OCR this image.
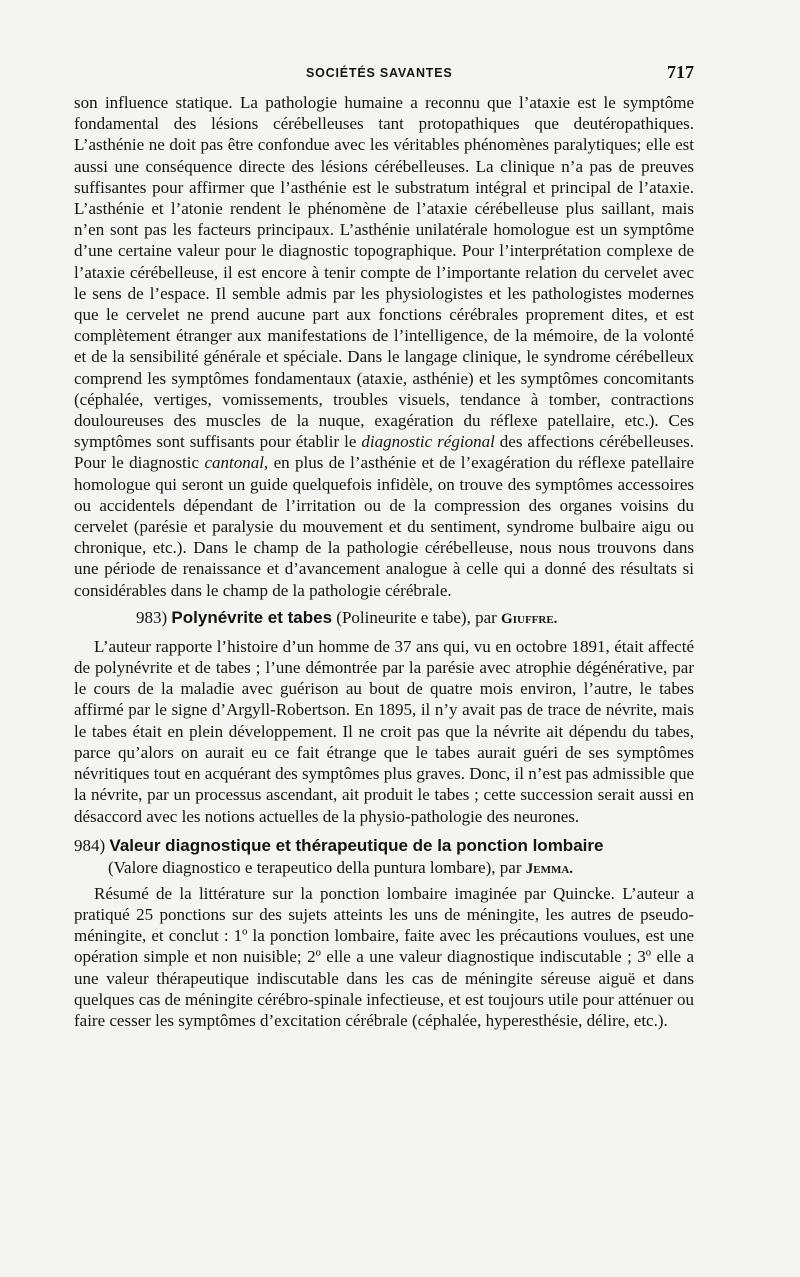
SOCIÉTÉS SAVANTES	717

son influence statique. La pathologie humaine a reconnu que l’ataxie est le symptôme fondamental des lésions cérébelleuses tant protopathiques que deutéropathiques. L’asthénie ne doit pas être confondue avec les véritables phénomènes paralytiques; elle est aussi une conséquence directe des lésions cérébelleuses. La clinique n’a pas de preuves suffisantes pour affirmer que l’asthénie est le substratum intégral et principal de l’ataxie. L’asthénie et l’atonie rendent le phénomène de l’ataxie cérébelleuse plus saillant, mais n’en sont pas les facteurs principaux. L’asthénie unilatérale homologue est un symptôme d’une certaine valeur pour le diagnostic topographique. Pour l’interprétation complexe de l’ataxie cérébelleuse, il est encore à tenir compte de l’importante relation du cervelet avec le sens de l’espace. Il semble admis par les physiologistes et les pathologistes modernes que le cervelet ne prend aucune part aux fonctions cérébrales proprement dites, et est complètement étranger aux manifestations de l’intelligence, de la mémoire, de la volonté et de la sensibilité générale et spéciale. Dans le langage clinique, le syndrome cérébelleux comprend les symptômes fondamentaux (ataxie, asthénie) et les symptômes concomitants (céphalée, vertiges, vomissements, troubles visuels, tendance à tomber, contractions douloureuses des muscles de la nuque, exagération du réflexe patellaire, etc.). Ces symptômes sont suffisants pour établir le diagnostic régional des affections cérébelleuses. Pour le diagnostic cantonal, en plus de l’asthénie et de l’exagération du réflexe patellaire homologue qui seront un guide quelquefois infidèle, on trouve des symptômes accessoires ou accidentels dépendant de l’irritation ou de la compression des organes voisins du cervelet (parésie et paralysie du mouvement et du sentiment, syndrome bulbaire aigu ou chronique, etc.). Dans le champ de la pathologie cérébelleuse, nous nous trouvons dans une période de renaissance et d’avancement analogue à celle qui a donné des résultats si considérables dans le champ de la pathologie cérébrale.

983) Polynévrite et tabes (Polineurite e tabe), par Giuffre.

L’auteur rapporte l’histoire d’un homme de 37 ans qui, vu en octobre 1891, était affecté de polynévrite et de tabes ; l’une démontrée par la parésie avec atrophie dégénérative, par le cours de la maladie avec guérison au bout de quatre mois environ, l’autre, le tabes affirmé par le signe d’Argyll-Robertson. En 1895, il n’y avait pas de trace de névrite, mais le tabes était en plein développement. Il ne croit pas que la névrite ait dépendu du tabes, parce qu’alors on aurait eu ce fait étrange que le tabes aurait guéri de ses symptômes névritiques tout en acquérant des symptômes plus graves. Donc, il n’est pas admissible que la névrite, par un processus ascendant, ait produit le tabes ; cette succession serait aussi en désaccord avec les notions actuelles de la physio-pathologie des neurones.

984) Valeur diagnostique et thérapeutique de la ponction lombaire
(Valore diagnostico e terapeutico della puntura lombare), par Jemma.

Résumé de la littérature sur la ponction lombaire imaginée par Quincke. L’auteur a pratiqué 25 ponctions sur des sujets atteints les uns de méningite, les autres de pseudo-méningite, et conclut : 1º la ponction lombaire, faite avec les précautions voulues, est une opération simple et non nuisible; 2º elle a une valeur diagnostique indiscutable ; 3º elle a une valeur thérapeutique indiscutable dans les cas de méningite séreuse aiguë et dans quelques cas de méningite cérébro-spinale infectieuse, et est toujours utile pour atténuer ou faire cesser les symptômes d’excitation cérébrale (céphalée, hyperesthésie, délire, etc.).
